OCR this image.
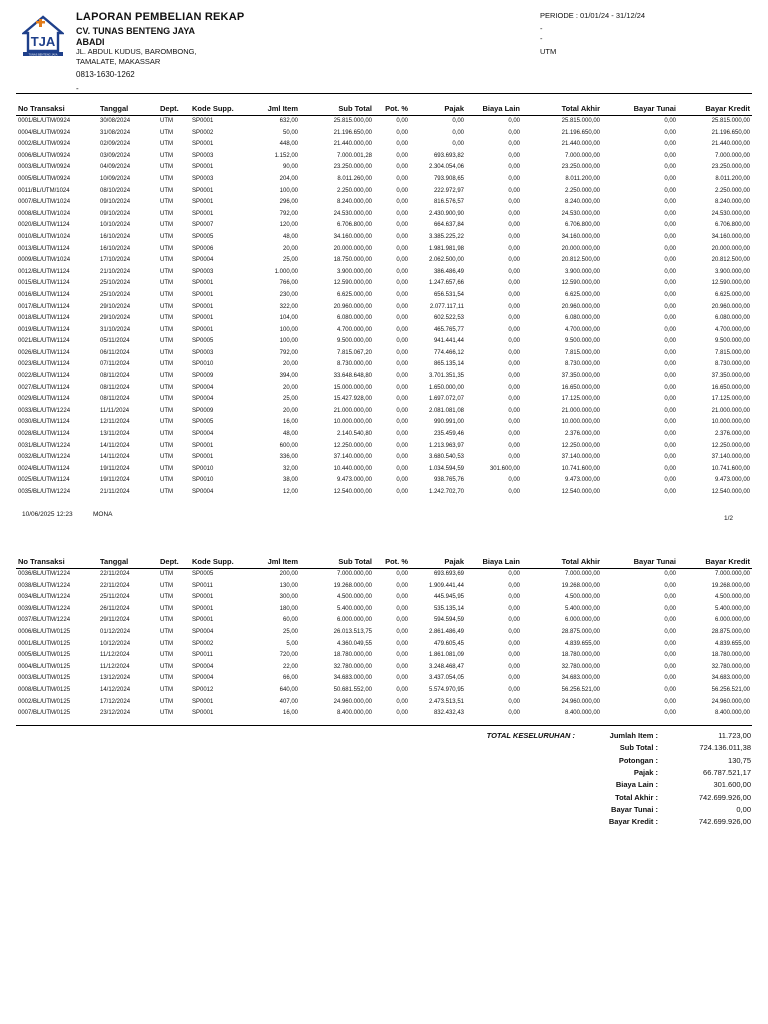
TJA
TUNAS BENTENG JAYA
LAPORAN PEMBELIAN REKAP
CV. TUNAS BENTENG JAYA
ABADI
JL. ABDUL KUDUS, BAROMBONG,
TAMALATE, MAKASSAR
0813-1630-1262
-
PERIODE : 01/01/24 - 31/12/24
-
-
UTM
No Transaksi	Tanggal	Dept.	Kode Supp.	Jml Item	Sub Total	Pot. %	Pajak	Biaya Lain	Total Akhir	Bayar Tunai	Bayar Kredit
0001/BL/UTM/0924	30/08/2024	UTM	SP0001	632,00	25.815.000,00	0,00	0,00	0,00	25.815.000,00	0,00	25.815.000,00
0004/BL/UTM/0924	31/08/2024	UTM	SP0002	50,00	21.196.650,00	0,00	0,00	0,00	21.196.650,00	0,00	21.196.650,00
0002/BL/UTM/0924	02/09/2024	UTM	SP0001	448,00	21.440.000,00	0,00	0,00	0,00	21.440.000,00	0,00	21.440.000,00
0006/BL/UTM/0924	03/09/2024	UTM	SP0003	1.152,00	7.000.001,28	0,00	693.693,82	0,00	7.000.000,00	0,00	7.000.000,00
0003/BL/UTM/0924	04/09/2024	UTM	SP0001	90,00	23.250.000,00	0,00	2.304.054,06	0,00	23.250.000,00	0,00	23.250.000,00
0005/BL/UTM/0924	10/09/2024	UTM	SP0003	204,00	8.011.260,00	0,00	793.908,65	0,00	8.011.200,00	0,00	8.011.200,00
0011/BL/UTM/1024	08/10/2024	UTM	SP0001	100,00	2.250.000,00	0,00	222.972,97	0,00	2.250.000,00	0,00	2.250.000,00
0007/BL/UTM/1024	09/10/2024	UTM	SP0001	296,00	8.240.000,00	0,00	816.576,57	0,00	8.240.000,00	0,00	8.240.000,00
0008/BL/UTM/1024	09/10/2024	UTM	SP0001	792,00	24.530.000,00	0,00	2.430.900,90	0,00	24.530.000,00	0,00	24.530.000,00
0020/BL/UTM/1124	10/10/2024	UTM	SP0007	120,00	6.706.800,00	0,00	664.637,84	0,00	6.706.800,00	0,00	6.706.800,00
0010/BL/UTM/1024	16/10/2024	UTM	SP0005	48,00	34.160.000,00	0,00	3.385.225,22	0,00	34.160.000,00	0,00	34.160.000,00
0013/BL/UTM/1124	16/10/2024	UTM	SP0006	20,00	20.000.000,00	0,00	1.981.981,98	0,00	20.000.000,00	0,00	20.000.000,00
0009/BL/UTM/1024	17/10/2024	UTM	SP0004	25,00	18.750.000,00	0,00	2.062.500,00	0,00	20.812.500,00	0,00	20.812.500,00
0012/BL/UTM/1124	21/10/2024	UTM	SP0003	1.000,00	3.900.000,00	0,00	386.486,49	0,00	3.900.000,00	0,00	3.900.000,00
0015/BL/UTM/1124	25/10/2024	UTM	SP0001	766,00	12.590.000,00	0,00	1.247.657,66	0,00	12.590.000,00	0,00	12.590.000,00
0016/BL/UTM/1124	25/10/2024	UTM	SP0001	230,00	6.625.000,00	0,00	656.531,54	0,00	6.625.000,00	0,00	6.625.000,00
0017/BL/UTM/1124	29/10/2024	UTM	SP0001	322,00	20.960.000,00	0,00	2.077.117,11	0,00	20.960.000,00	0,00	20.960.000,00
0018/BL/UTM/1124	29/10/2024	UTM	SP0001	104,00	6.080.000,00	0,00	602.522,53	0,00	6.080.000,00	0,00	6.080.000,00
0019/BL/UTM/1124	31/10/2024	UTM	SP0001	100,00	4.700.000,00	0,00	465.765,77	0,00	4.700.000,00	0,00	4.700.000,00
0021/BL/UTM/1124	05/11/2024	UTM	SP0005	100,00	9.500.000,00	0,00	941.441,44	0,00	9.500.000,00	0,00	9.500.000,00
0026/BL/UTM/1124	06/11/2024	UTM	SP0003	792,00	7.815.067,20	0,00	774.466,12	0,00	7.815.000,00	0,00	7.815.000,00
0023/BL/UTM/1124	07/11/2024	UTM	SP0010	20,00	8.730.000,00	0,00	865.135,14	0,00	8.730.000,00	0,00	8.730.000,00
0022/BL/UTM/1124	08/11/2024	UTM	SP0009	394,00	33.648.648,80	0,00	3.701.351,35	0,00	37.350.000,00	0,00	37.350.000,00
0027/BL/UTM/1124	08/11/2024	UTM	SP0004	20,00	15.000.000,00	0,00	1.650.000,00	0,00	16.650.000,00	0,00	16.650.000,00
0029/BL/UTM/1124	08/11/2024	UTM	SP0004	25,00	15.427.928,00	0,00	1.697.072,07	0,00	17.125.000,00	0,00	17.125.000,00
0033/BL/UTM/1224	11/11/2024	UTM	SP0009	20,00	21.000.000,00	0,00	2.081.081,08	0,00	21.000.000,00	0,00	21.000.000,00
0030/BL/UTM/1124	12/11/2024	UTM	SP0005	16,00	10.000.000,00	0,00	990.991,00	0,00	10.000.000,00	0,00	10.000.000,00
0028/BL/UTM/1124	13/11/2024	UTM	SP0004	48,00	2.140.540,80	0,00	235.459,46	0,00	2.376.000,00	0,00	2.376.000,00
0031/BL/UTM/1224	14/11/2024	UTM	SP0001	600,00	12.250.000,00	0,00	1.213.963,97	0,00	12.250.000,00	0,00	12.250.000,00
0032/BL/UTM/1224	14/11/2024	UTM	SP0001	336,00	37.140.000,00	0,00	3.680.540,53	0,00	37.140.000,00	0,00	37.140.000,00
0024/BL/UTM/1124	19/11/2024	UTM	SP0010	32,00	10.440.000,00	0,00	1.034.594,59	301.600,00	10.741.600,00	0,00	10.741.600,00
0025/BL/UTM/1124	19/11/2024	UTM	SP0010	38,00	9.473.000,00	0,00	938.765,76	0,00	9.473.000,00	0,00	9.473.000,00
0035/BL/UTM/1224	21/11/2024	UTM	SP0004	12,00	12.540.000,00	0,00	1.242.702,70	0,00	12.540.000,00	0,00	12.540.000,00
10/06/2025 12:23	MONA
1/2
No Transaksi	Tanggal	Dept.	Kode Supp.	Jml Item	Sub Total	Pot. %	Pajak	Biaya Lain	Total Akhir	Bayar Tunai	Bayar Kredit
0036/BL/UTM/1224	22/11/2024	UTM	SP0005	200,00	7.000.000,00	0,00	693.693,69	0,00	7.000.000,00	0,00	7.000.000,00
0038/BL/UTM/1224	22/11/2024	UTM	SP0011	130,00	19.268.000,00	0,00	1.909.441,44	0,00	19.268.000,00	0,00	19.268.000,00
0034/BL/UTM/1224	25/11/2024	UTM	SP0001	300,00	4.500.000,00	0,00	445.945,95	0,00	4.500.000,00	0,00	4.500.000,00
0039/BL/UTM/1224	26/11/2024	UTM	SP0001	180,00	5.400.000,00	0,00	535.135,14	0,00	5.400.000,00	0,00	5.400.000,00
0037/BL/UTM/1224	29/11/2024	UTM	SP0001	60,00	6.000.000,00	0,00	594.594,59	0,00	6.000.000,00	0,00	6.000.000,00
0006/BL/UTM/0125	01/12/2024	UTM	SP0004	25,00	26.013.513,75	0,00	2.861.486,49	0,00	28.875.000,00	0,00	28.875.000,00
0001/BL/UTM/0125	10/12/2024	UTM	SP0002	5,00	4.360.049,55	0,00	479.605,45	0,00	4.839.655,00	0,00	4.839.655,00
0005/BL/UTM/0125	11/12/2024	UTM	SP0011	720,00	18.780.000,00	0,00	1.861.081,09	0,00	18.780.000,00	0,00	18.780.000,00
0004/BL/UTM/0125	11/12/2024	UTM	SP0004	22,00	32.780.000,00	0,00	3.248.468,47	0,00	32.780.000,00	0,00	32.780.000,00
0003/BL/UTM/0125	13/12/2024	UTM	SP0004	66,00	34.683.000,00	0,00	3.437.054,05	0,00	34.683.000,00	0,00	34.683.000,00
0008/BL/UTM/0125	14/12/2024	UTM	SP0012	640,00	50.681.552,00	0,00	5.574.970,95	0,00	56.256.521,00	0,00	56.256.521,00
0002/BL/UTM/0125	17/12/2024	UTM	SP0001	407,00	24.960.000,00	0,00	2.473.513,51	0,00	24.960.000,00	0,00	24.960.000,00
0007/BL/UTM/0125	23/12/2024	UTM	SP0001	16,00	8.400.000,00	0,00	832.432,43	0,00	8.400.000,00	0,00	8.400.000,00
TOTAL KESELURUHAN :	Jumlah Item :	11.723,00
Sub Total :	724.136.011,38
Potongan :	130,75
Pajak :	66.787.521,17
Biaya Lain :	301.600,00
Total Akhir :	742.699.926,00
Bayar Tunai :	0,00
Bayar Kredit :	742.699.926,00
